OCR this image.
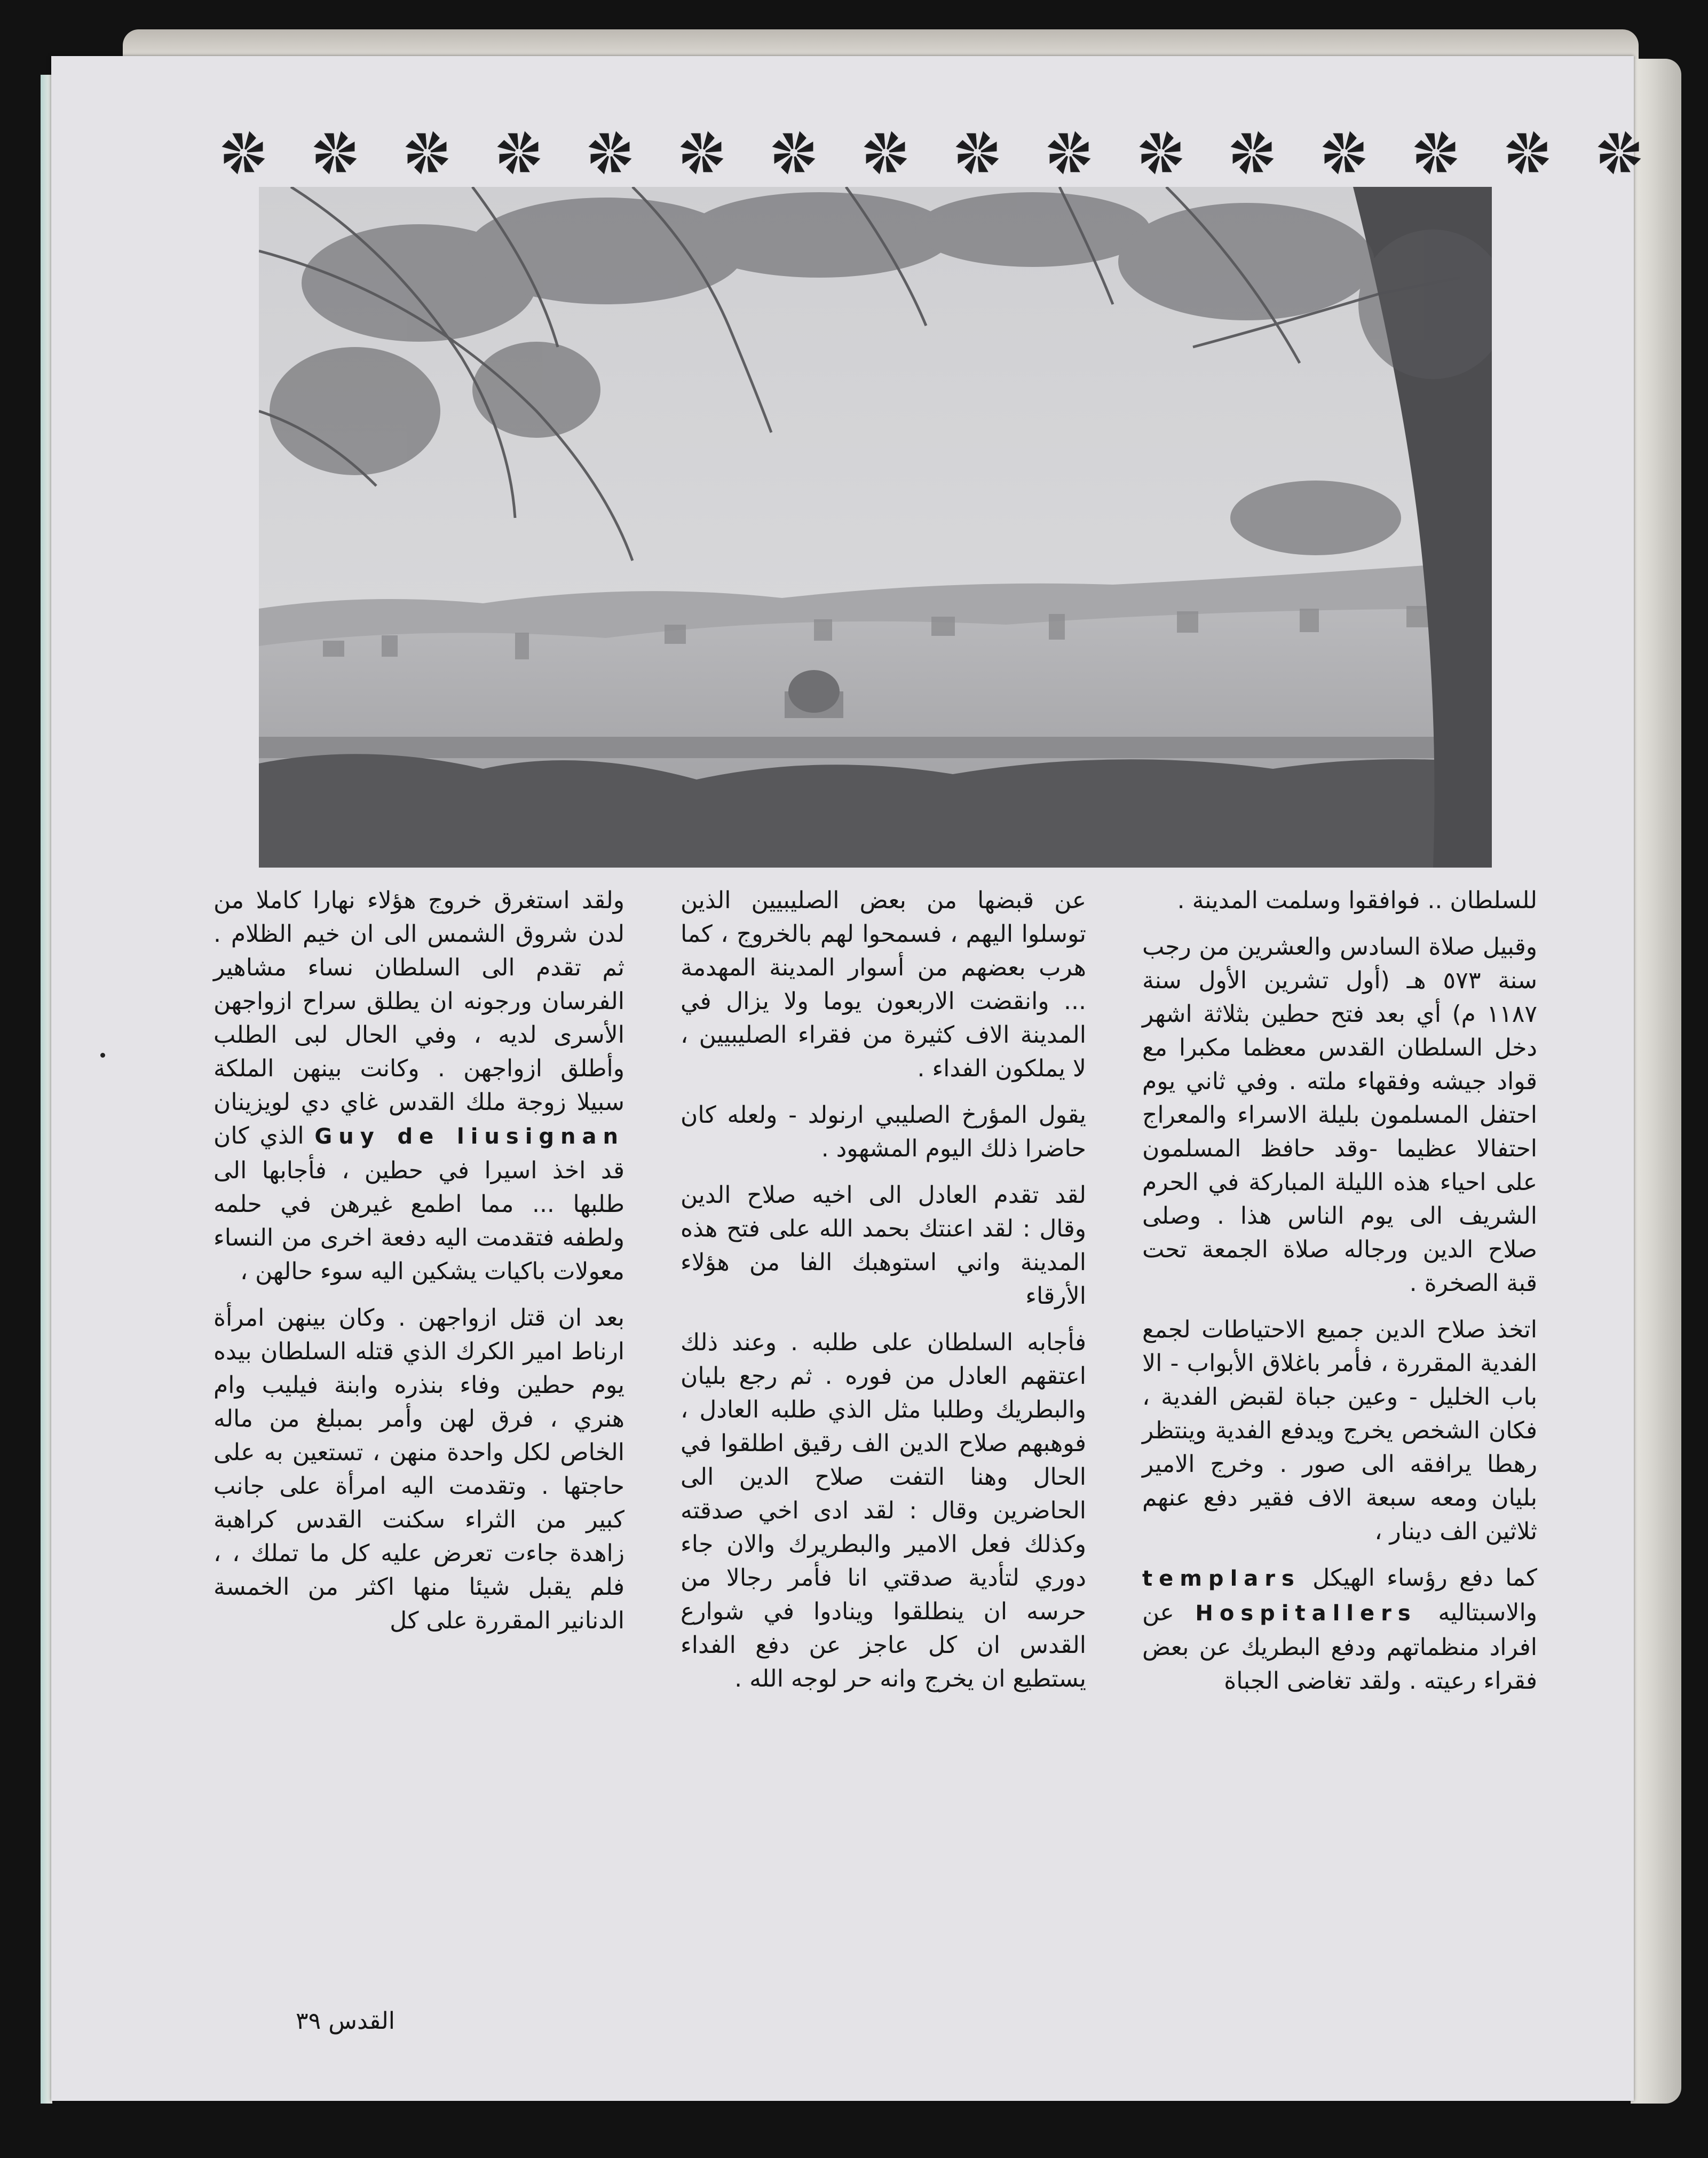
للسلطان .. فوافقوا وسلمت المدينة .

وقبيل صلاة السادس والعشرين من رجب سنة ٥٧٣ هـ (أول تشرين الأول سنة ١١٨٧ م) أي بعد فتح حطين بثلاثة اشهر دخل السلطان القدس معظما مكبرا مع قواد جيشه وفقهاء ملته . وفي ثاني يوم احتفل المسلمون بليلة الاسراء والمعراج احتفالا عظيما -وقد حافظ المسلمون على احياء هذه الليلة المباركة في الحرم الشريف الى يوم الناس هذا . وصلى صلاح الدين ورجاله صلاة الجمعة تحت قبة الصخرة .

اتخذ صلاح الدين جميع الاحتياطات لجمع الفدية المقررة ، فأمر باغلاق الأبواب - الا باب الخليل - وعين جباة لقبض الفدية ، فكان الشخص يخرج ويدفع الفدية وينتظر رهطا يرافقه الى صور . وخرج الامير بليان ومعه سبعة الاف فقير دفع عنهم ثلاثين الف دينار ،

كما دفع رؤساء الهيكل templars والاسبتاليه Hospitallers عن افراد منظماتهم ودفع البطريك عن بعض فقراء رعيته . ولقد تغاضى الجباة

عن قبضها من بعض الصليبيين الذين توسلوا اليهم ، فسمحوا لهم بالخروج ، كما هرب بعضهم من أسوار المدينة المهدمة ... وانقضت الاربعون يوما ولا يزال في المدينة الاف كثيرة من فقراء الصليبيين ، لا يملكون الفداء .

يقول المؤرخ الصليبي ارنولد - ولعله كان حاضرا ذلك اليوم المشهود .

لقد تقدم العادل الى اخيه صلاح الدين وقال : لقد اعنتك بحمد الله على فتح هذه المدينة واني استوهبك الفا من هؤلاء الأرقاء

فأجابه السلطان على طلبه . وعند ذلك اعتقهم العادل من فوره . ثم رجع بليان والبطريك وطلبا مثل الذي طلبه العادل ، فوهبهم صلاح الدين الف رقيق اطلقوا في الحال وهنا التفت صلاح الدين الى الحاضرين وقال : لقد ادى اخي صدقته وكذلك فعل الامير والبطريرك والان جاء دوري لتأدية صدقتي انا فأمر رجالا من حرسه ان ينطلقوا وينادوا في شوارع القدس ان كل عاجز عن دفع الفداء يستطيع ان يخرج وانه حر لوجه الله .

ولقد استغرق خروج هؤلاء نهارا كاملا من لدن شروق الشمس الى ان خيم الظلام . ثم تقدم الى السلطان نساء مشاهير الفرسان ورجونه ان يطلق سراح ازواجهن الأسرى لديه ، وفي الحال لبى الطلب وأطلق ازواجهن . وكانت بينهن الملكة سبيلا زوجة ملك القدس غاي دي لويزينان Guy de liusignan الذي كان قد اخذ اسيرا في حطين ، فأجابها الى طلبها ... مما اطمع غيرهن في حلمه ولطفه فتقدمت اليه دفعة اخرى من النساء معولات باكيات يشكين اليه سوء حالهن ،

بعد ان قتل ازواجهن . وكان بينهن امرأة ارناط امير الكرك الذي قتله السلطان بيده يوم حطين وفاء بنذره وابنة فيليب وام هنري ، فرق لهن وأمر بمبلغ من ماله الخاص لكل واحدة منهن ، تستعين به على حاجتها . وتقدمت اليه امرأة على جانب كبير من الثراء سكنت القدس كراهبة زاهدة جاءت تعرض عليه كل ما تملك ، ، فلم يقبل شيئا منها اكثر من الخمسة الدنانير المقررة على كل

القدس ٣٩
